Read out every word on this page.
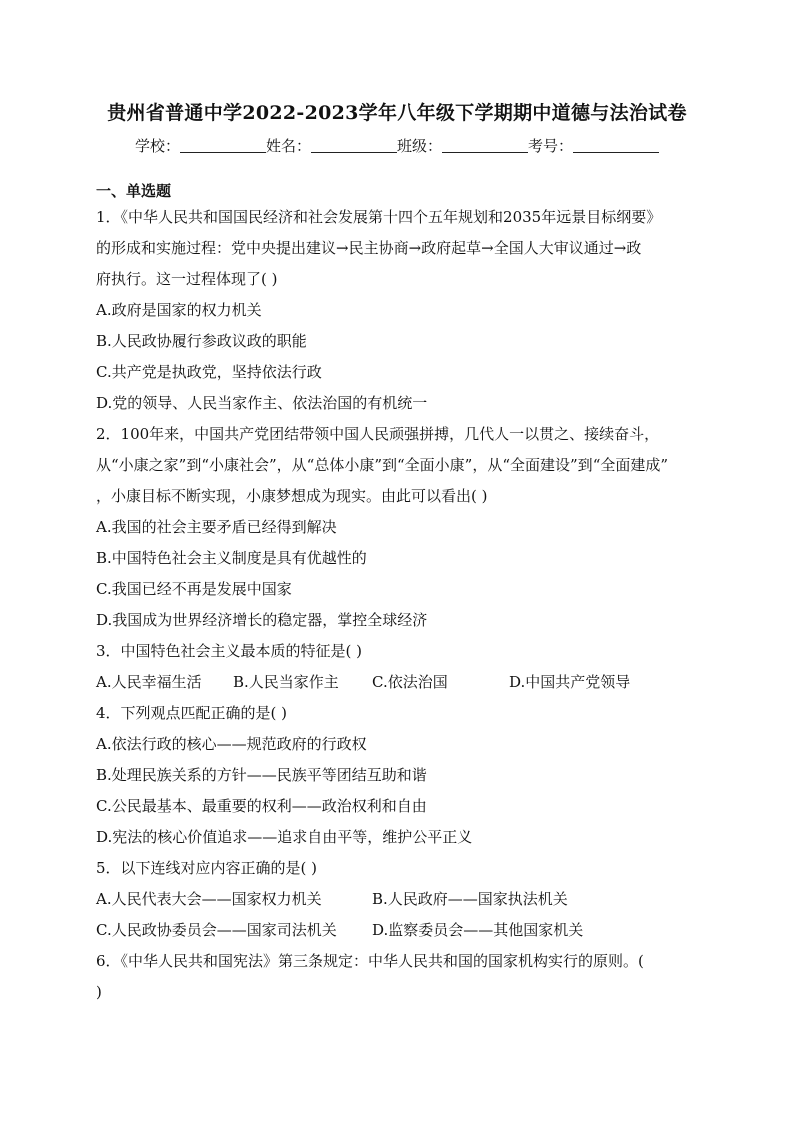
贵州省普通中学2022-2023学年八年级下学期期中道德与法治试卷
学校：	姓名：	班级：	考号：
一、单选题
1．《中华人民共和国国民经济和社会发展第十四个五年规划和2035年远景目标纲要》
的形成和实施过程：党中央提出建议→民主协商→政府起草→全国人大审议通过→政
府执行。这一过程体现了( )
A.政府是国家的权力机关
B.人民政协履行参政议政的职能
C.共产党是执政党，坚持依法行政
D.党的领导、人民当家作主、依法治国的有机统一
2．100年来，中国共产党团结带领中国人民顽强拼搏，几代人一以贯之、接续奋斗，
从“小康之家”到“小康社会”，从“总体小康”到“全面小康”，从“全面建设”到“全面建成”
，小康目标不断实现，小康梦想成为现实。由此可以看出( )
A.我国的社会主要矛盾已经得到解决
B.中国特色社会主义制度是具有优越性的
C.我国已经不再是发展中国家
D.我国成为世界经济增长的稳定器，掌控全球经济
3．中国特色社会主义最本质的特征是( )
A.人民幸福生活 B.人民当家作主 C.依法治国	D.中国共产党领导
4．下列观点匹配正确的是( )
A.依法行政的核心——规范政府的行政权
B.处理民族关系的方针——民族平等团结互助和谐
C.公民最基本、最重要的权利——政治权利和自由
D.宪法的核心价值追求——追求自由平等，维护公平正义
5．以下连线对应内容正确的是( )
A.人民代表大会——国家权力机关	B.人民政府——国家执法机关
C.人民政协委员会——国家司法机关 D.监察委员会——其他国家机关
6．《中华人民共和国宪法》第三条规定：中华人民共和国的国家机构实行的原则。(
)
